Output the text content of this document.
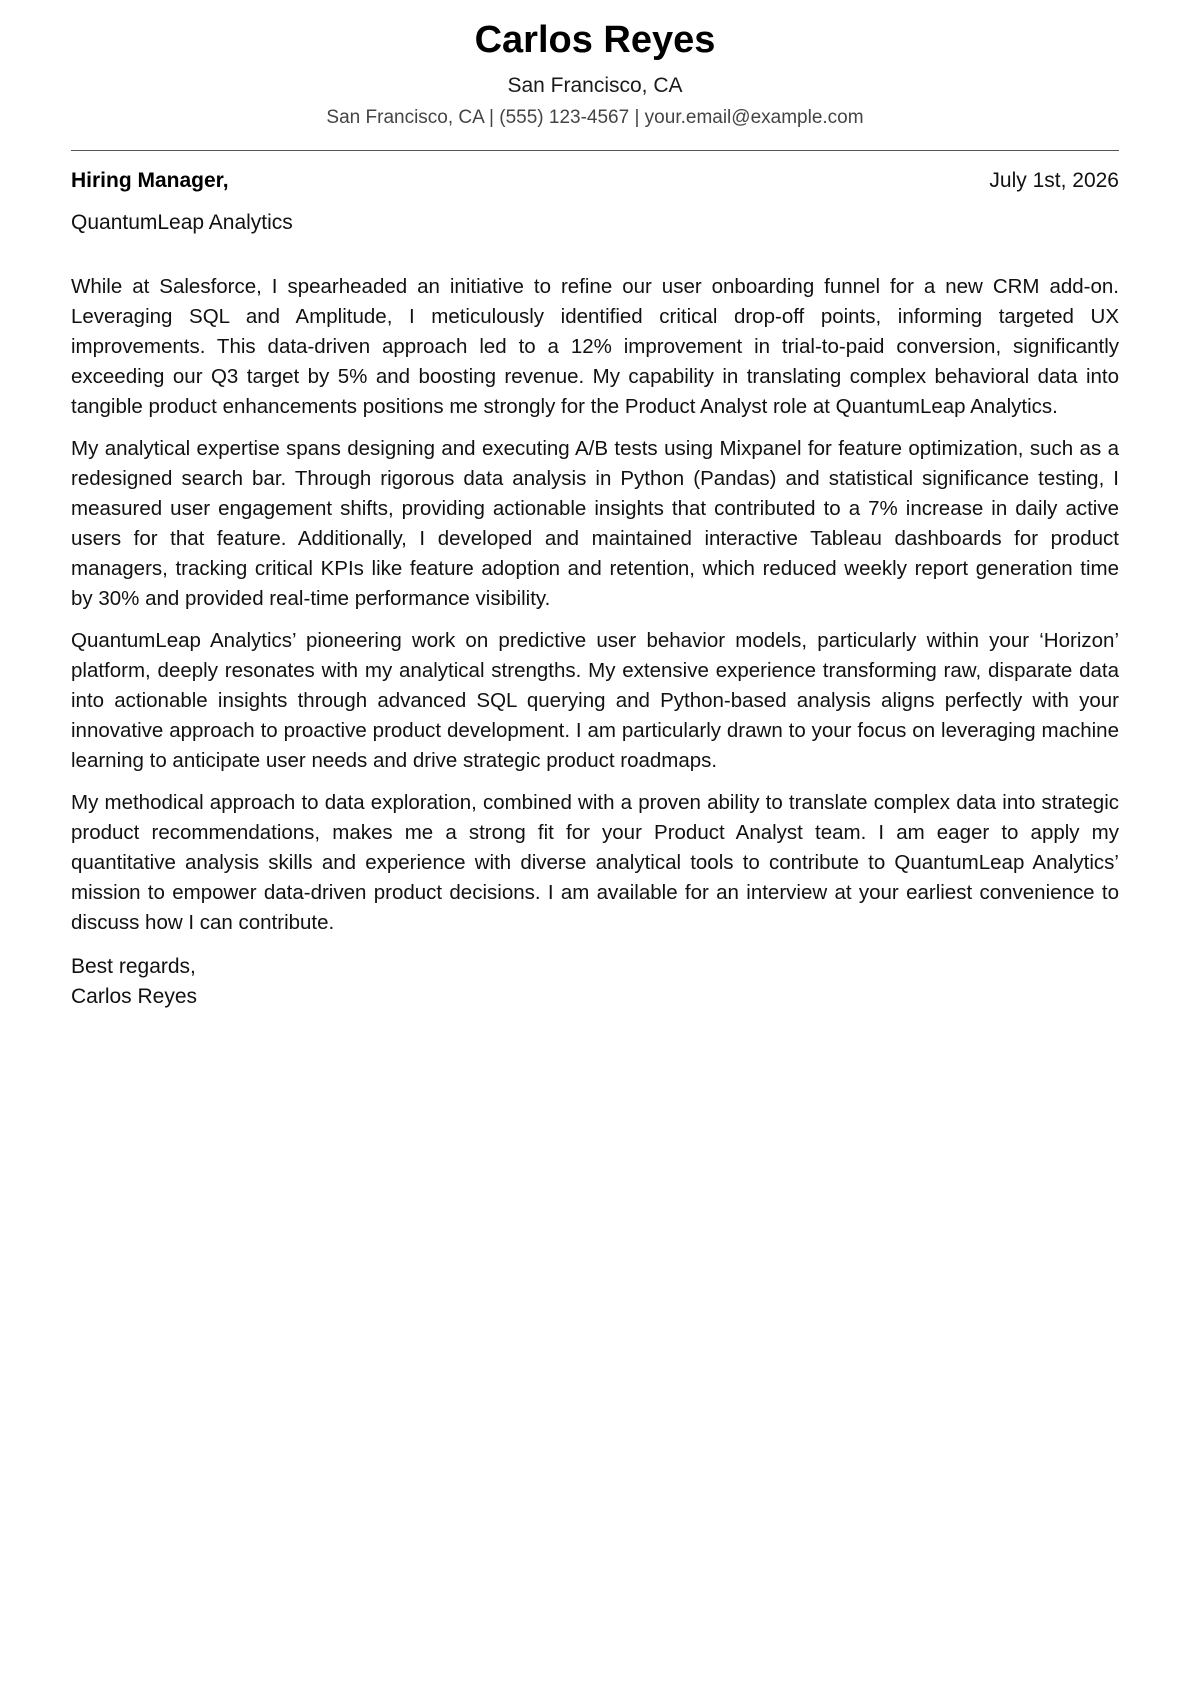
Carlos Reyes
San Francisco, CA
San Francisco, CA | (555) 123-4567 | your.email@example.com
Hiring Manager,	July 1st, 2026
QuantumLeap Analytics

While at Salesforce, I spearheaded an initiative to refine our user onboarding funnel for a new CRM add-on. Leveraging SQL and Amplitude, I meticulously identified critical drop-off points, informing targeted UX improvements. This data-driven approach led to a 12% improvement in trial-to-paid conversion, significantly exceeding our Q3 target by 5% and boosting revenue. My capability in translating complex behavioral data into tangible product enhancements positions me strongly for the Product Analyst role at QuantumLeap Analytics.

My analytical expertise spans designing and executing A/B tests using Mixpanel for feature optimization, such as a redesigned search bar. Through rigorous data analysis in Python (Pandas) and statistical significance testing, I measured user engagement shifts, providing actionable insights that contributed to a 7% increase in daily active users for that feature. Additionally, I developed and maintained interactive Tableau dashboards for product managers, tracking critical KPIs like feature adoption and retention, which reduced weekly report generation time by 30% and provided real-time performance visibility.

QuantumLeap Analytics’ pioneering work on predictive user behavior models, particularly within your ‘Horizon’ platform, deeply resonates with my analytical strengths. My extensive experience transforming raw, disparate data into actionable insights through advanced SQL querying and Python-based analysis aligns perfectly with your innovative approach to proactive product development. I am particularly drawn to your focus on leveraging machine learning to anticipate user needs and drive strategic product roadmaps.

My methodical approach to data exploration, combined with a proven ability to translate complex data into strategic product recommendations, makes me a strong fit for your Product Analyst team. I am eager to apply my quantitative analysis skills and experience with diverse analytical tools to contribute to QuantumLeap Analytics’ mission to empower data-driven product decisions. I am available for an interview at your earliest convenience to discuss how I can contribute.

Best regards,
Carlos Reyes
